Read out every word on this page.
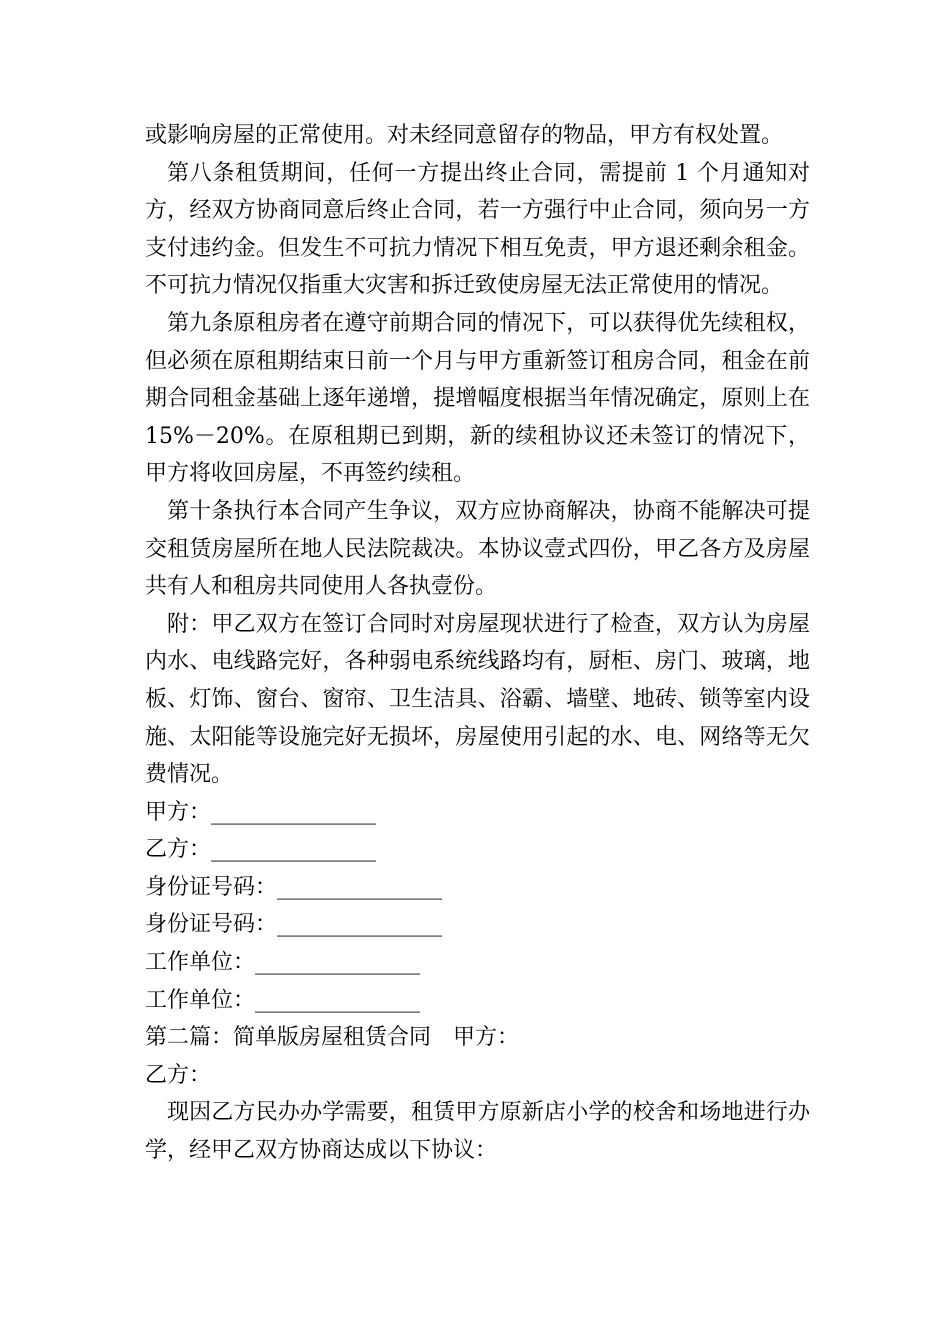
或影响房屋的正常使用。对未经同意留存的物品，甲方有权处置。

第八条租赁期间，任何一方提出终止合同，需提前 1 个月通知对方，经双方协商同意后终止合同，若一方强行中止合同，须向另一方支付违约金。但发生不可抗力情况下相互免责，甲方退还剩余租金。不可抗力情况仅指重大灾害和拆迁致使房屋无法正常使用的情况。

第九条原租房者在遵守前期合同的情况下，可以获得优先续租权，但必须在原租期结束日前一个月与甲方重新签订租房合同，租金在前期合同租金基础上逐年递增，提增幅度根据当年情况确定，原则上在 15%－20%。在原租期已到期，新的续租协议还未签订的情况下，甲方将收回房屋，不再签约续租。

第十条执行本合同产生争议，双方应协商解决，协商不能解决可提交租赁房屋所在地人民法院裁决。本协议壹式四份，甲乙各方及房屋共有人和租房共同使用人各执壹份。

附：甲乙双方在签订合同时对房屋现状进行了检查，双方认为房屋内水、电线路完好，各种弱电系统线路均有，厨柜、房门、玻璃，地板、灯饰、窗台、窗帘、卫生洁具、浴霸、墙壁、地砖、锁等室内设施、太阳能等设施完好无损坏，房屋使用引起的水、电、网络等无欠费情况。

甲方：_______________

乙方：_______________

身份证号码：_______________

身份证号码：_______________

工作单位：_______________

工作单位：_______________

第二篇：简单版房屋租赁合同　甲方：

乙方：

现因乙方民办办学需要，租赁甲方原新店小学的校舍和场地进行办学，经甲乙双方协商达成以下协议：
